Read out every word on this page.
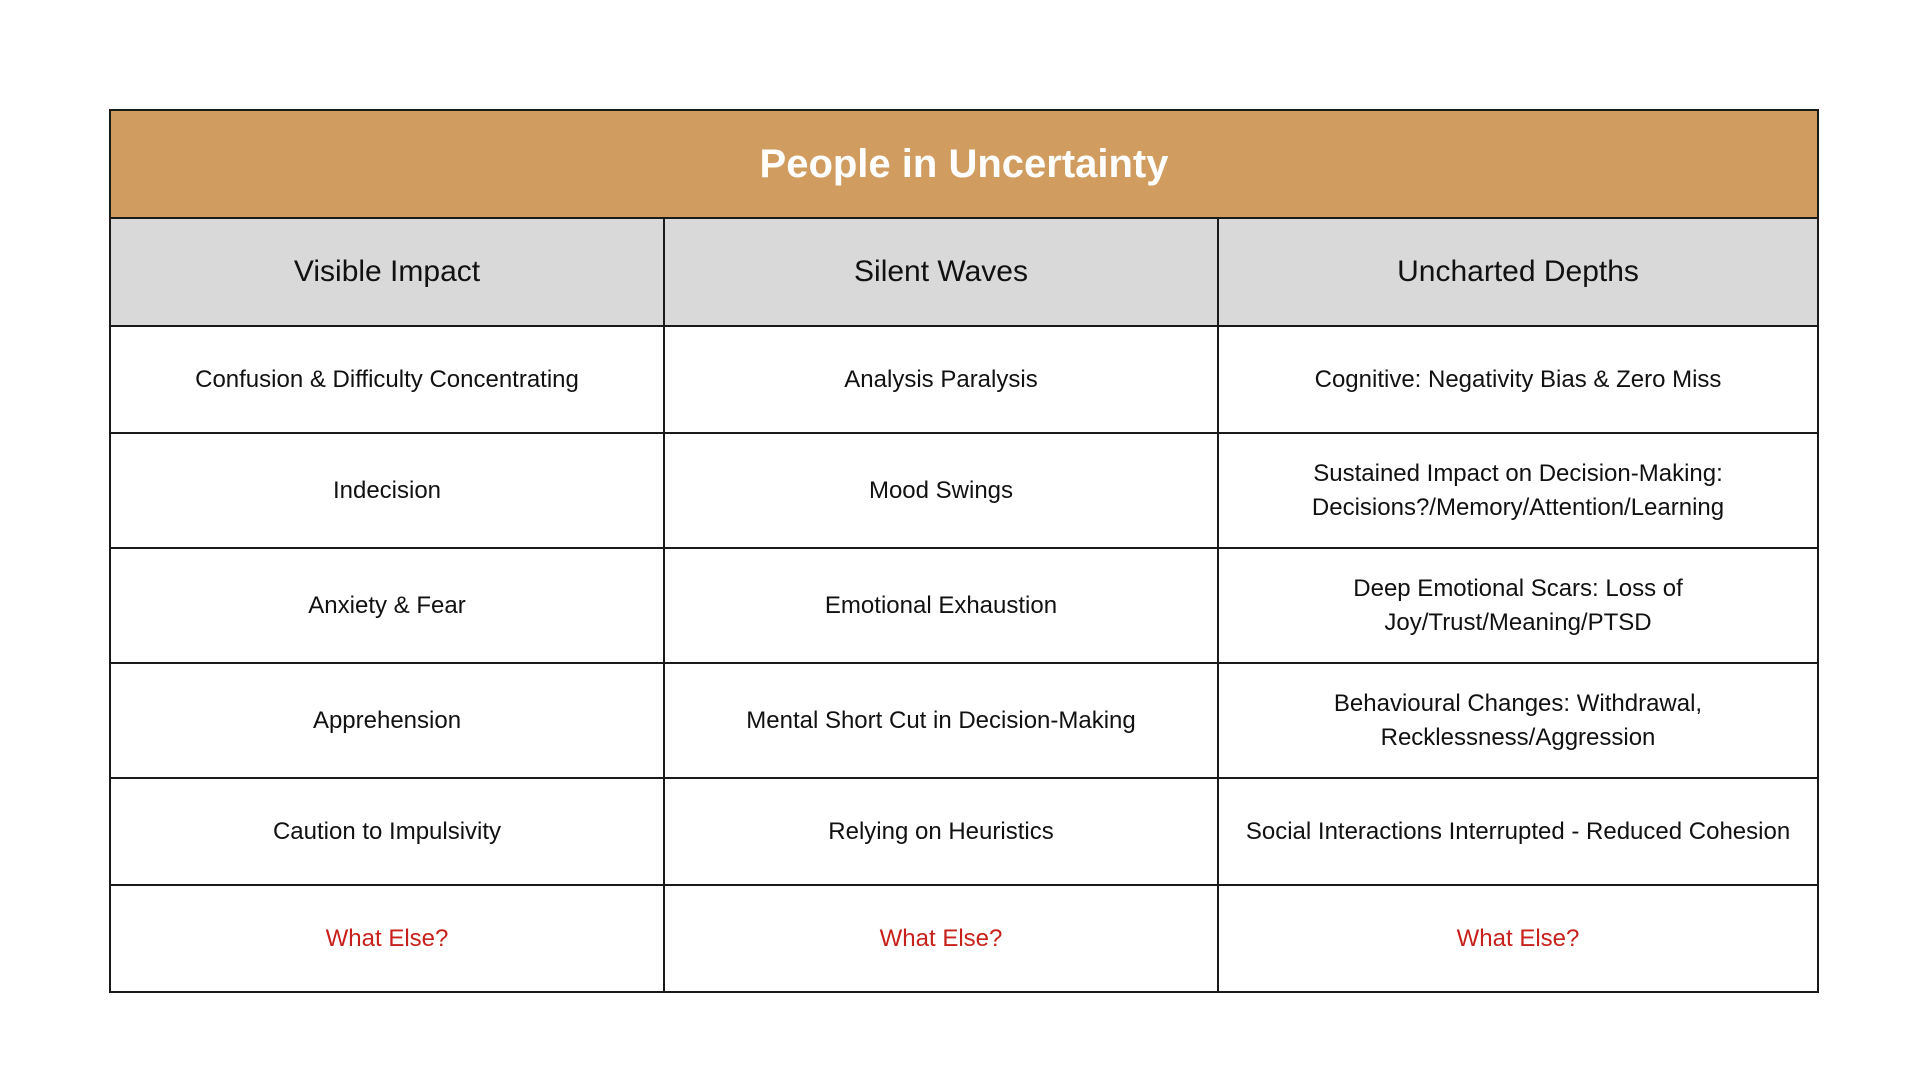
People in Uncertainty		
Visible Impact	Silent Waves	Uncharted Depths
Confusion & Difficulty Concentrating	Analysis Paralysis	Cognitive: Negativity Bias & Zero Miss
Indecision	Mood Swings	Sustained Impact on Decision-Making: Decisions?/Memory/Attention/Learning
Anxiety & Fear	Emotional Exhaustion	Deep Emotional Scars: Loss of Joy/Trust/Meaning/PTSD
Apprehension	Mental Short Cut in Decision-Making	Behavioural Changes: Withdrawal, Recklessness/Aggression
Caution to Impulsivity	Relying on Heuristics	Social Interactions Interrupted - Reduced Cohesion
What Else?	What Else?	What Else?
